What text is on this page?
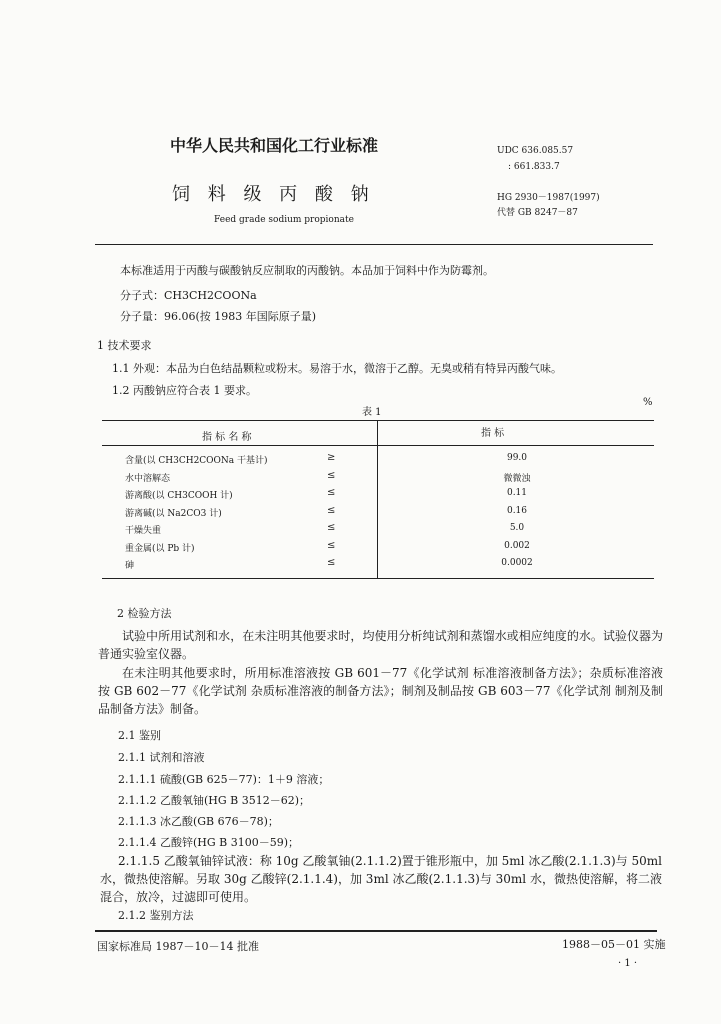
中华人民共和国化工行业标准
饲 料 级 丙 酸 钠
Feed grade sodium propionate
UDC 636.085.57
: 661.833.7
HG 2930－1987(1997)
代替 GB 8247－87
本标准适用于丙酸与碳酸钠反应制取的丙酸钠。本品加于饲料中作为防霉剂。
分子式：CH3CH2COONa
分子量：96.06(按 1983 年国际原子量)
1 技术要求
1.1 外观：本品为白色结晶颗粒或粉末。易溶于水，微溶于乙醇。无臭或稍有特异丙酸气味。
1.2 丙酸钠应符合表 1 要求。
表 1
%
指 标 名 称	指 标
含量(以 CH3CH2COONa 干基计)	≥	99.0
水中溶解态	≤	微微浊
游离酸(以 CH3COOH 计)	≤	0.11
游离碱(以 Na2CO3 计)	≤	0.16
干燥失重	≤	5.0
重金属(以 Pb 计)	≤	0.002
砷	≤	0.0002
2 检验方法
试验中所用试剂和水，在未注明其他要求时，均使用分析纯试剂和蒸馏水或相应纯度的水。试验仪器为普通实验室仪器。
在未注明其他要求时，所用标准溶液按 GB 601－77《化学试剂 标准溶液制备方法》；杂质标准溶液按 GB 602－77《化学试剂 杂质标准溶液的制备方法》；制剂及制品按 GB 603－77《化学试剂 制剂及制品制备方法》制备。
2.1 鉴别
2.1.1 试剂和溶液
2.1.1.1 硫酸(GB 625－77)：1＋9 溶液；
2.1.1.2 乙酸氧铀(HG B 3512－62)；
2.1.1.3 冰乙酸(GB 676－78)；
2.1.1.4 乙酸锌(HG B 3100－59)；
2.1.1.5 乙酸氧铀锌试液：称 10g 乙酸氧铀(2.1.1.2)置于锥形瓶中，加 5ml 冰乙酸(2.1.1.3)与 50ml 水，微热使溶解。另取 30g 乙酸锌(2.1.1.4)，加 3ml 冰乙酸(2.1.1.3)与 30ml 水，微热使溶解，将二液混合，放冷，过滤即可使用。
2.1.2 鉴别方法
国家标准局 1987－10－14 批准	1988－05－01 实施
· 1 ·
